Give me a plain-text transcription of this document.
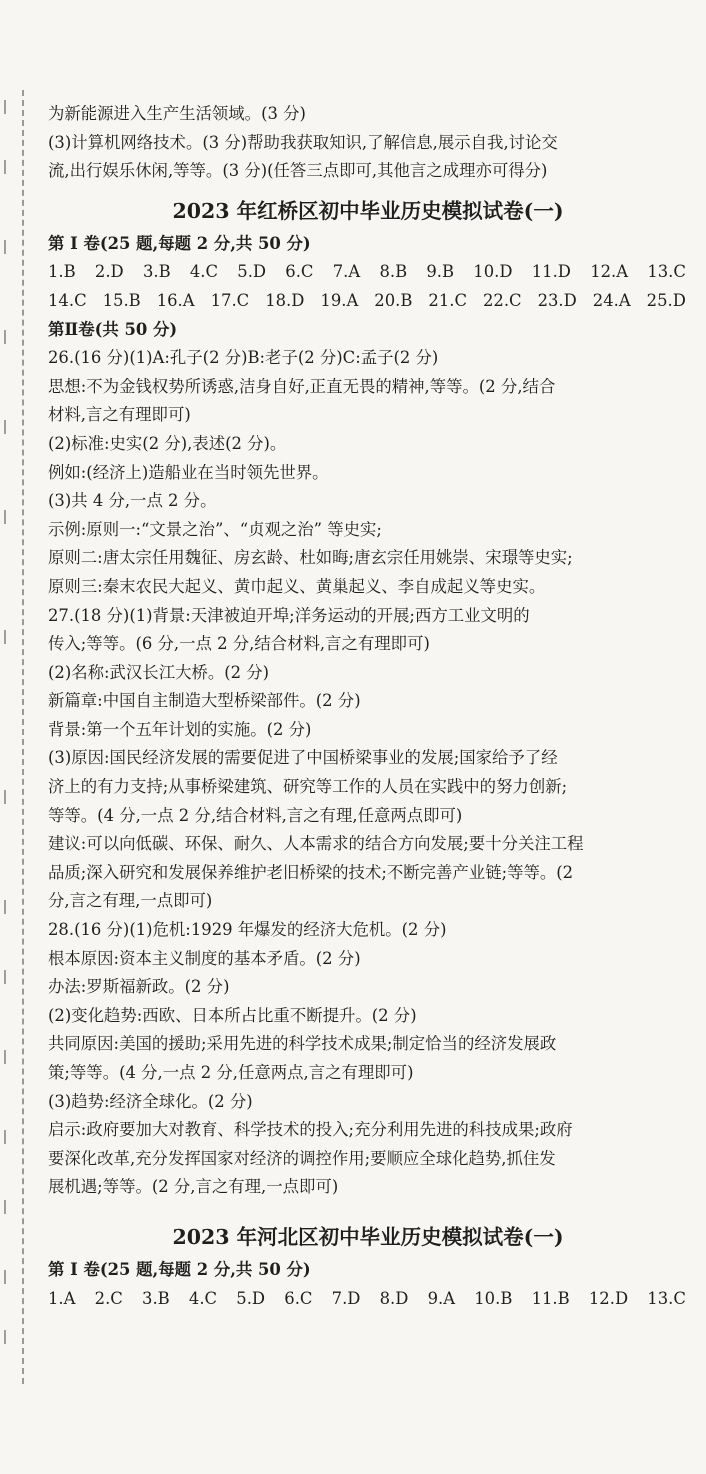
为新能源进入生产生活领域。(3 分)

(3)计算机网络技术。(3 分)帮助我获取知识,了解信息,展示自我,讨论交

流,出行娱乐休闲,等等。(3 分)(任答三点即可,其他言之成理亦可得分)

2023 年红桥区初中毕业历史模拟试卷(一)

第 I 卷(25 题,每题 2 分,共 50 分)

1.B 2.D 3.B 4.C 5.D 6.C 7.A 8.B 9.B 10.D 11.D 12.A 13.C

14.C 15.B 16.A 17.C 18.D 19.A 20.B 21.C 22.C 23.D 24.A 25.D

第Ⅱ卷(共 50 分)

26.(16 分)(1)A:孔子(2 分)B:老子(2 分)C:孟子(2 分)

思想:不为金钱权势所诱惑,洁身自好,正直无畏的精神,等等。(2 分,结合

材料,言之有理即可)

(2)标准:史实(2 分),表述(2 分)。

例如:(经济上)造船业在当时领先世界。

(3)共 4 分,一点 2 分。

示例:原则一:“文景之治”、“贞观之治” 等史实;

原则二:唐太宗任用魏征、房玄龄、杜如晦;唐玄宗任用姚崇、宋璟等史实;

原则三:秦末农民大起义、黄巾起义、黄巢起义、李自成起义等史实。

27.(18 分)(1)背景:天津被迫开埠;洋务运动的开展;西方工业文明的

传入;等等。(6 分,一点 2 分,结合材料,言之有理即可)

(2)名称:武汉长江大桥。(2 分)

新篇章:中国自主制造大型桥梁部件。(2 分)

背景:第一个五年计划的实施。(2 分)

(3)原因:国民经济发展的需要促进了中国桥梁事业的发展;国家给予了经

济上的有力支持;从事桥梁建筑、研究等工作的人员在实践中的努力创新;

等等。(4 分,一点 2 分,结合材料,言之有理,任意两点即可)

建议:可以向低碳、环保、耐久、人本需求的结合方向发展;要十分关注工程

品质;深入研究和发展保养维护老旧桥梁的技术;不断完善产业链;等等。(2

分,言之有理,一点即可)

28.(16 分)(1)危机:1929 年爆发的经济大危机。(2 分)

根本原因:资本主义制度的基本矛盾。(2 分)

办法:罗斯福新政。(2 分)

(2)变化趋势:西欧、日本所占比重不断提升。(2 分)

共同原因:美国的援助;采用先进的科学技术成果;制定恰当的经济发展政

策;等等。(4 分,一点 2 分,任意两点,言之有理即可)

(3)趋势:经济全球化。(2 分)

启示:政府要加大对教育、科学技术的投入;充分利用先进的科技成果;政府

要深化改革,充分发挥国家对经济的调控作用;要顺应全球化趋势,抓住发

展机遇;等等。(2 分,言之有理,一点即可)

2023 年河北区初中毕业历史模拟试卷(一)

第 I 卷(25 题,每题 2 分,共 50 分)

1.A 2.C 3.B 4.C 5.D 6.C 7.D 8.D 9.A 10.B 11.B 12.D 13.C
